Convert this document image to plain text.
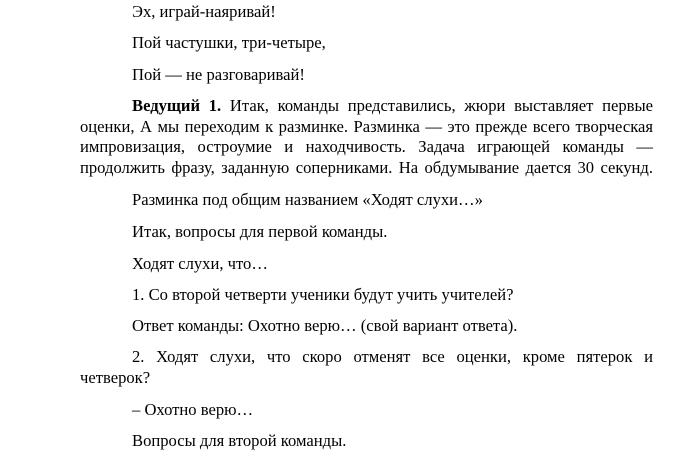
Эх, играй-наяривай!
Пой частушки, три-четыре,
Пой — не разговаривай!
Ведущий 1. Итак, команды представились, жюри выставляет первые
оценки, А мы переходим к разминке. Разминка — это прежде всего творческая
импровизация, остроумие и находчивость. Задача играющей команды —
продолжить фразу, заданную соперниками. На обдумывание дается 30 секунд.
Разминка под общим названием «Ходят слухи…»
Итак, вопросы для первой команды.
Ходят слухи, что…
1. Со второй четверти ученики будут учить учителей?
Ответ команды: Охотно верю… (свой вариант ответа).
2. Ходят слухи, что скоро отменят все оценки, кроме пятерок и
четверок?
– Охотно верю…
Вопросы для второй команды.
